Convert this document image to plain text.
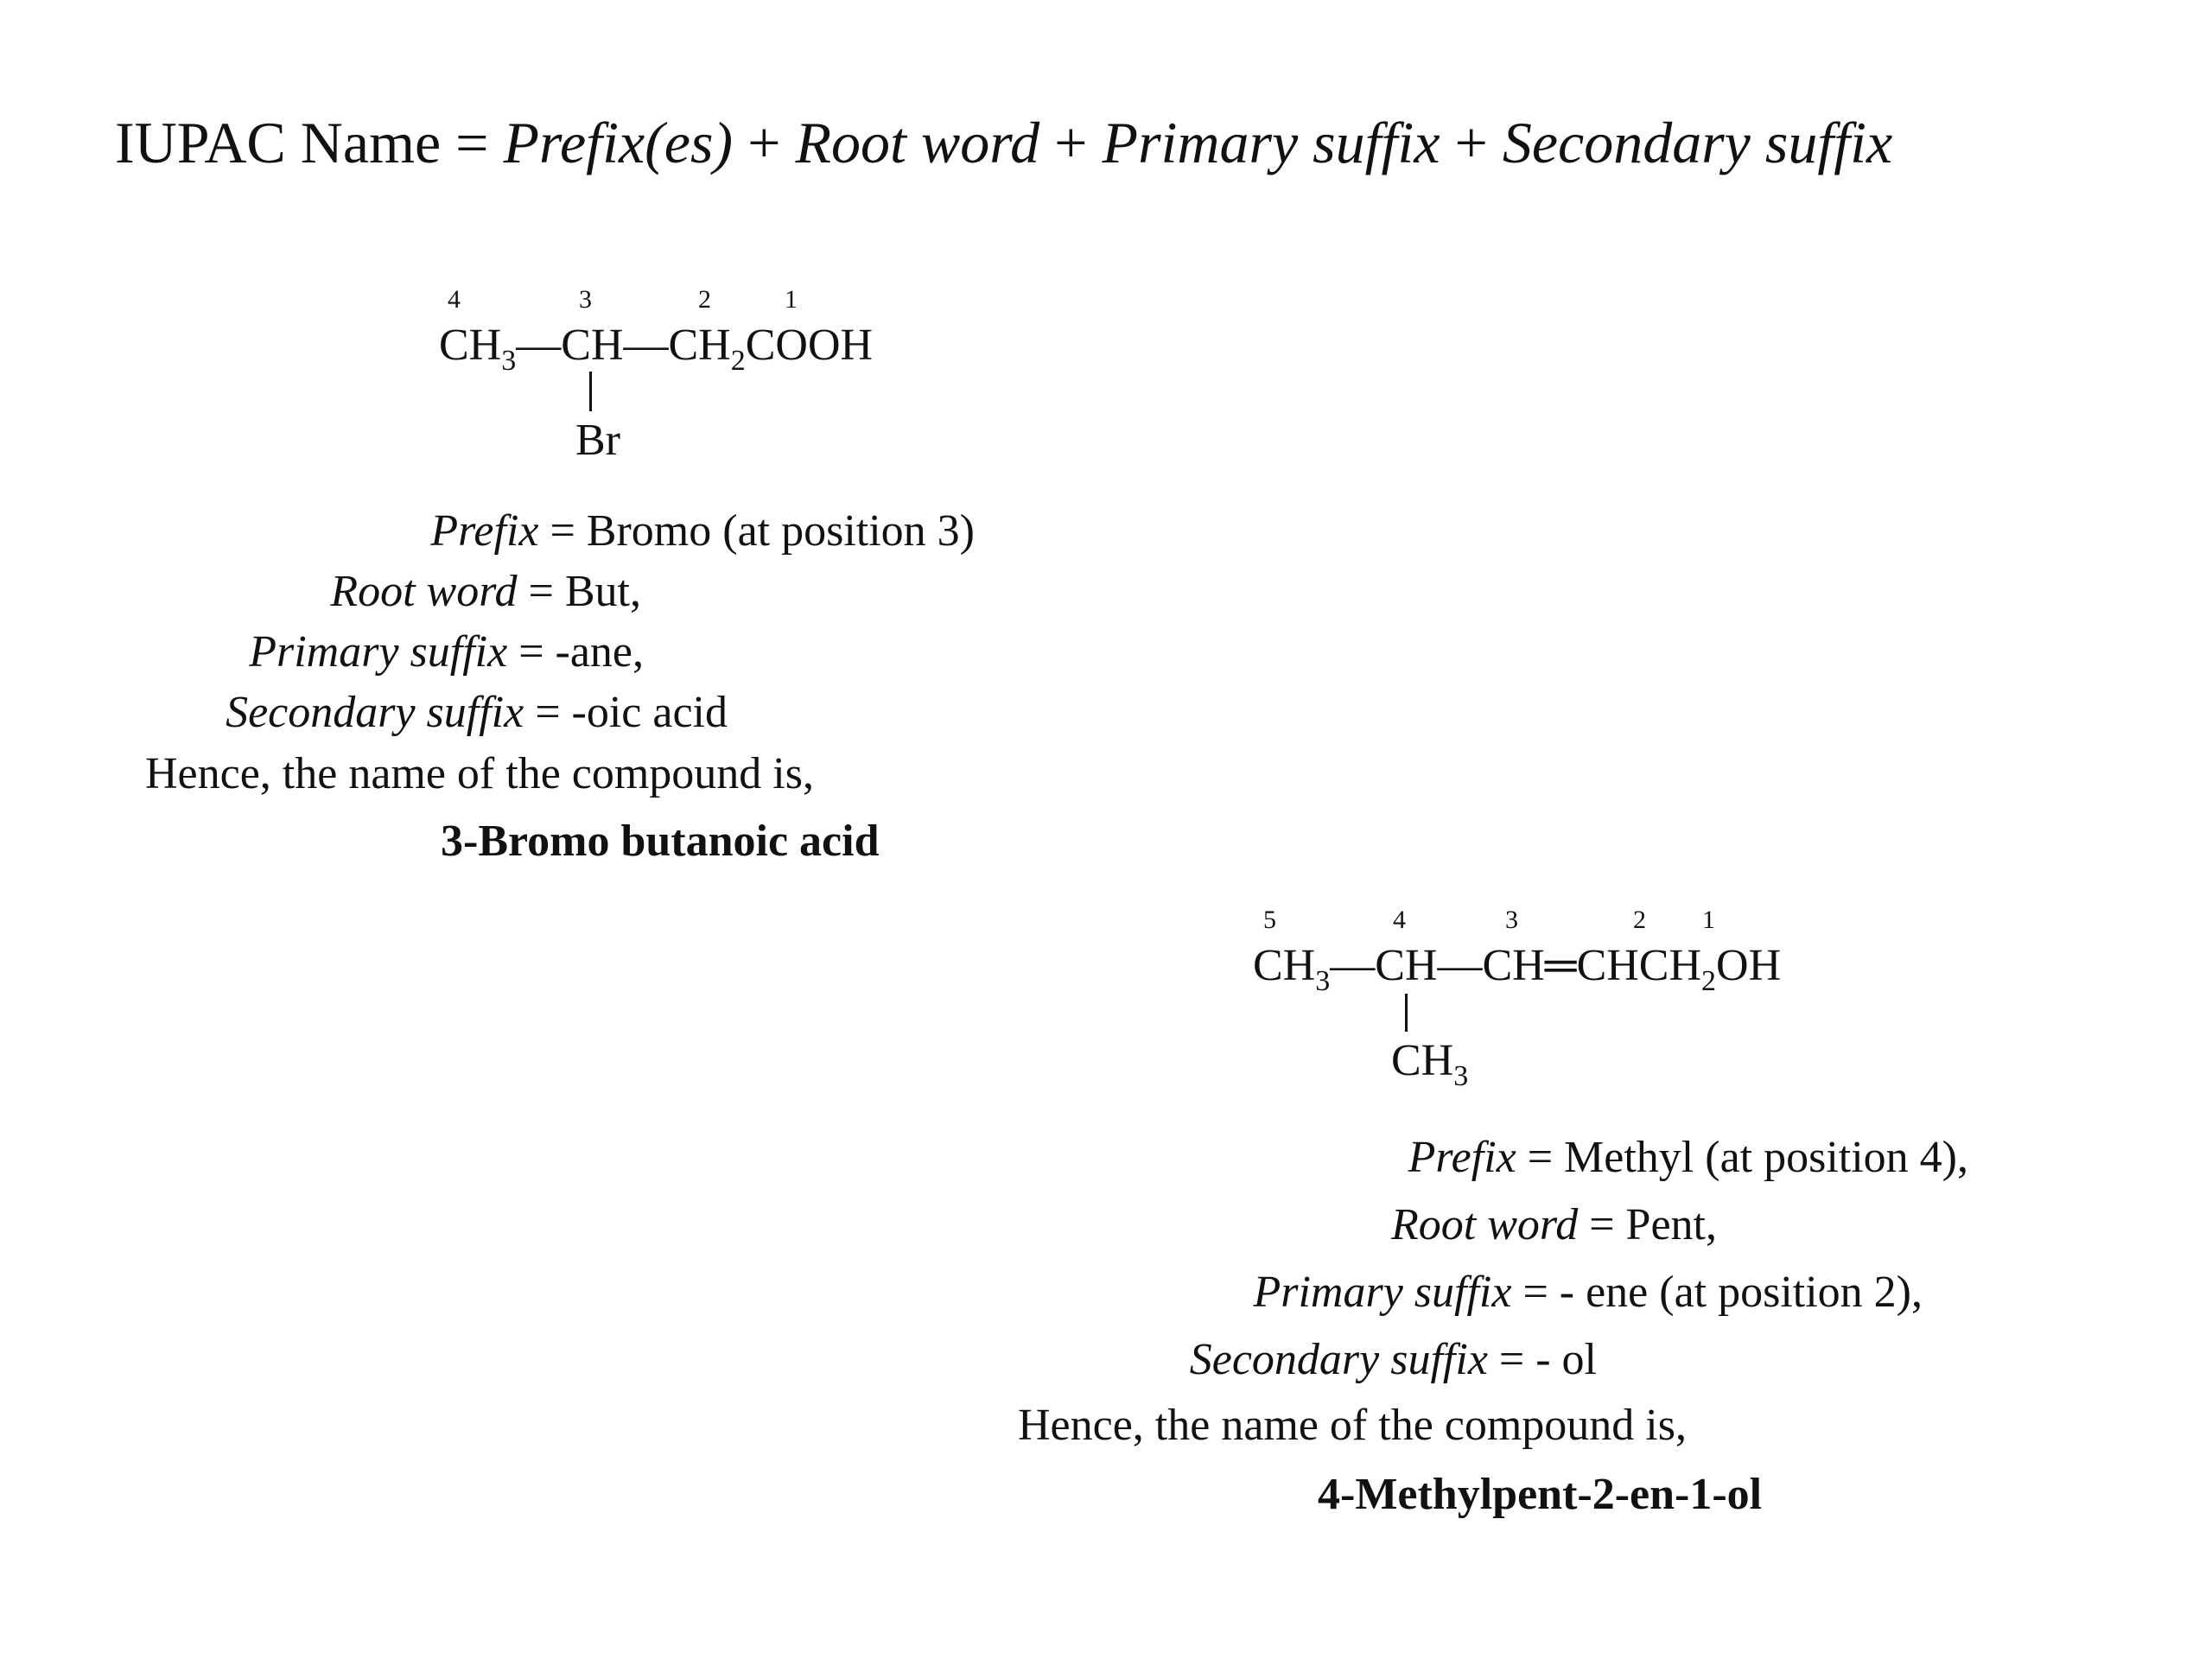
IUPAC Name = Prefix(es) + Root word + Primary suffix + Secondary suffix
4	3	2	1
$CH_3—CH—CH_2COOH$
Br
Prefix = Bromo (at position 3)
Root word = But,
Primary suffix = -ane,
Secondary suffix = -oic acid
Hence, the name of the compound is,
3-Bromo butanoic acid
5	4	3	2 1
$CH_3—CH—CH═CHCH_2OH$
$CH_3$
Prefix = Methyl (at position 4),
Root word = Pent,
Primary suffix = - ene (at position 2),
Secondary suffix = - ol
Hence, the name of the compound is,
4-Methylpent-2-en-1-ol
